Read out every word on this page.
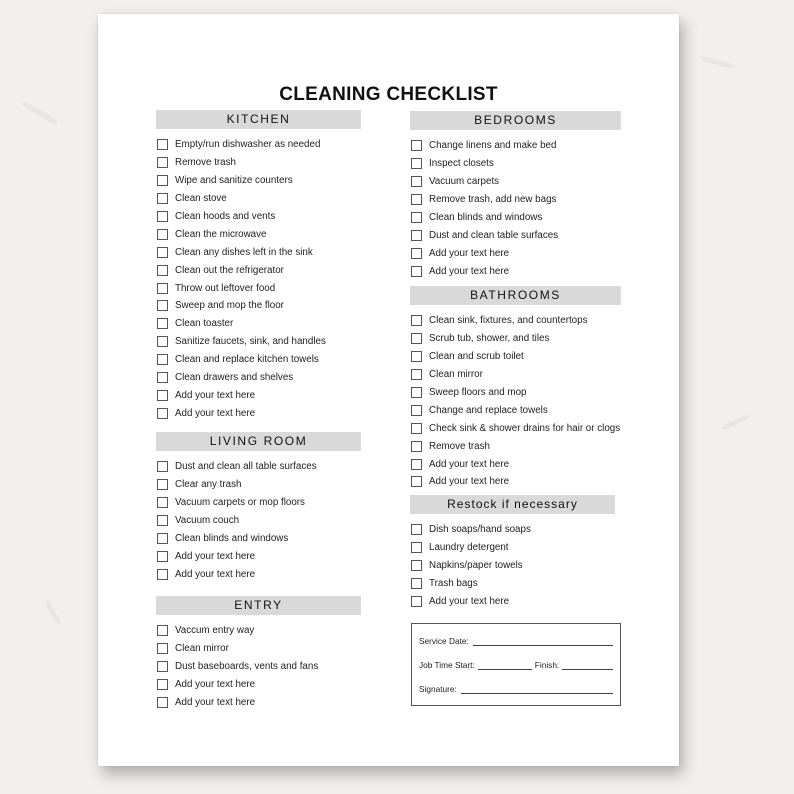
CLEANING CHECKLIST
KITCHEN
Empty/run dishwasher as needed
Remove trash
Wipe and sanitize counters
Clean stove
Clean hoods and vents
Clean the microwave
Clean any dishes left in the sink
Clean out the refrigerator
Throw out leftover food
Sweep and mop the floor
Clean toaster
Sanitize faucets, sink, and handles
Clean and replace kitchen towels
Clean drawers and shelves
Add your text here
Add your text here
LIVING ROOM
Dust and clean all table surfaces
Clear any trash
Vacuum carpets or mop floors
Vacuum couch
Clean blinds and windows
Add your text here
Add your text here
ENTRY
Vaccum entry way
Clean mirror
Dust baseboards, vents and fans
Add your text here
Add your text here
BEDROOMS
Change linens and make bed
Inspect closets
Vacuum carpets
Remove trash, add new bags
Clean blinds and windows
Dust and clean table surfaces
Add your text here
Add your text here
BATHROOMS
Clean sink, fixtures, and countertops
Scrub tub, shower, and tiles
Clean and scrub toilet
Clean mirror
Sweep floors and mop
Change and replace towels
Check sink & shower drains for hair or clogs
Remove trash
Add your text here
Add your text here
Restock if necessary
Dish soaps/hand soaps
Laundry detergent
Napkins/paper towels
Trash bags
Add your text here
Service Date:
Job Time Start:	Finish:
Signature:
